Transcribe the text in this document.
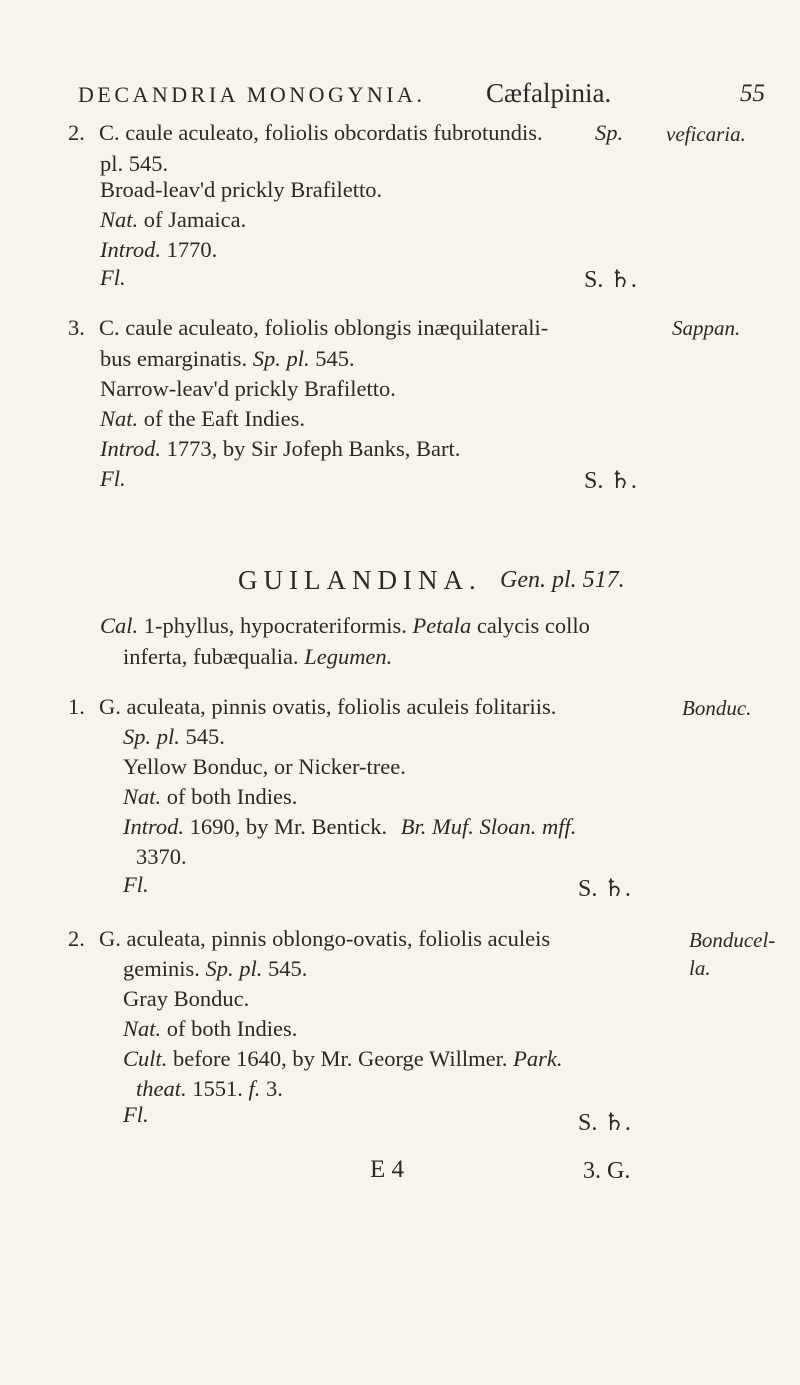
DECANDRIA MONOGYNIA. Cæfalpinia.	55
2. C. caule aculeato, foliolis obcordatis fubrotundis. Sp.
pl. 545.
Broad-leav'd prickly Brafiletto.
Nat. of Jamaica.
Introd. 1770.
Fl.	S. ♄.
veficaria.
3. C. caule aculeato, foliolis oblongis inæquilaterali-
bus emarginatis. Sp. pl. 545.
Narrow-leav'd prickly Brafiletto.
Nat. of the Eaft Indies.
Introd. 1773, by Sir Jofeph Banks, Bart.
Fl.	S. ♄.
Sappan.
GUILANDINA. Gen. pl. 517.
Cal. 1-phyllus, hypocrateriformis. Petala calycis collo
inferta, fubæqualia. Legumen.
1. G. aculeata, pinnis ovatis, foliolis aculeis folitariis.
Sp. pl. 545.
Yellow Bonduc, or Nicker-tree.
Nat. of both Indies.
Introd. 1690, by Mr. Bentick. Br. Muf. Sloan. mff.
3370.
Fl.	S. ♄.
Bonduc.
2. G. aculeata, pinnis oblongo-ovatis, foliolis aculeis
geminis. Sp. pl. 545.
Gray Bonduc.
Nat. of both Indies.
Cult. before 1640, by Mr. George Willmer. Park.
theat. 1551. f. 3.
Fl.	S. ♄.
Bonducel-
la.
E 4	3. G.
